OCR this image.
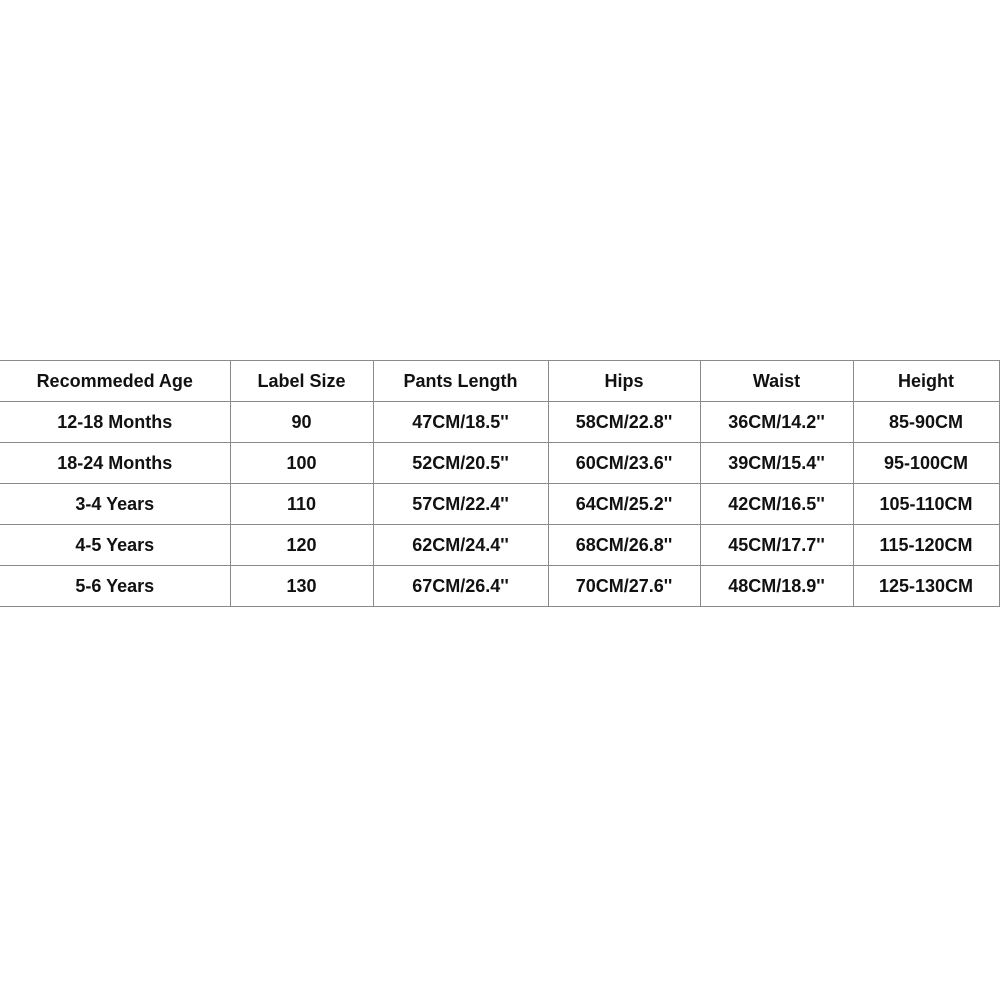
Recommeded Age	Label Size	Pants Length	Hips	Waist	Height
12-18 Months	90	47CM/18.5''	58CM/22.8''	36CM/14.2''	85-90CM
18-24 Months	100	52CM/20.5''	60CM/23.6''	39CM/15.4''	95-100CM
3-4 Years	110	57CM/22.4''	64CM/25.2''	42CM/16.5''	105-110CM
4-5 Years	120	62CM/24.4''	68CM/26.8''	45CM/17.7''	115-120CM
5-6 Years	130	67CM/26.4''	70CM/27.6''	48CM/18.9''	125-130CM
